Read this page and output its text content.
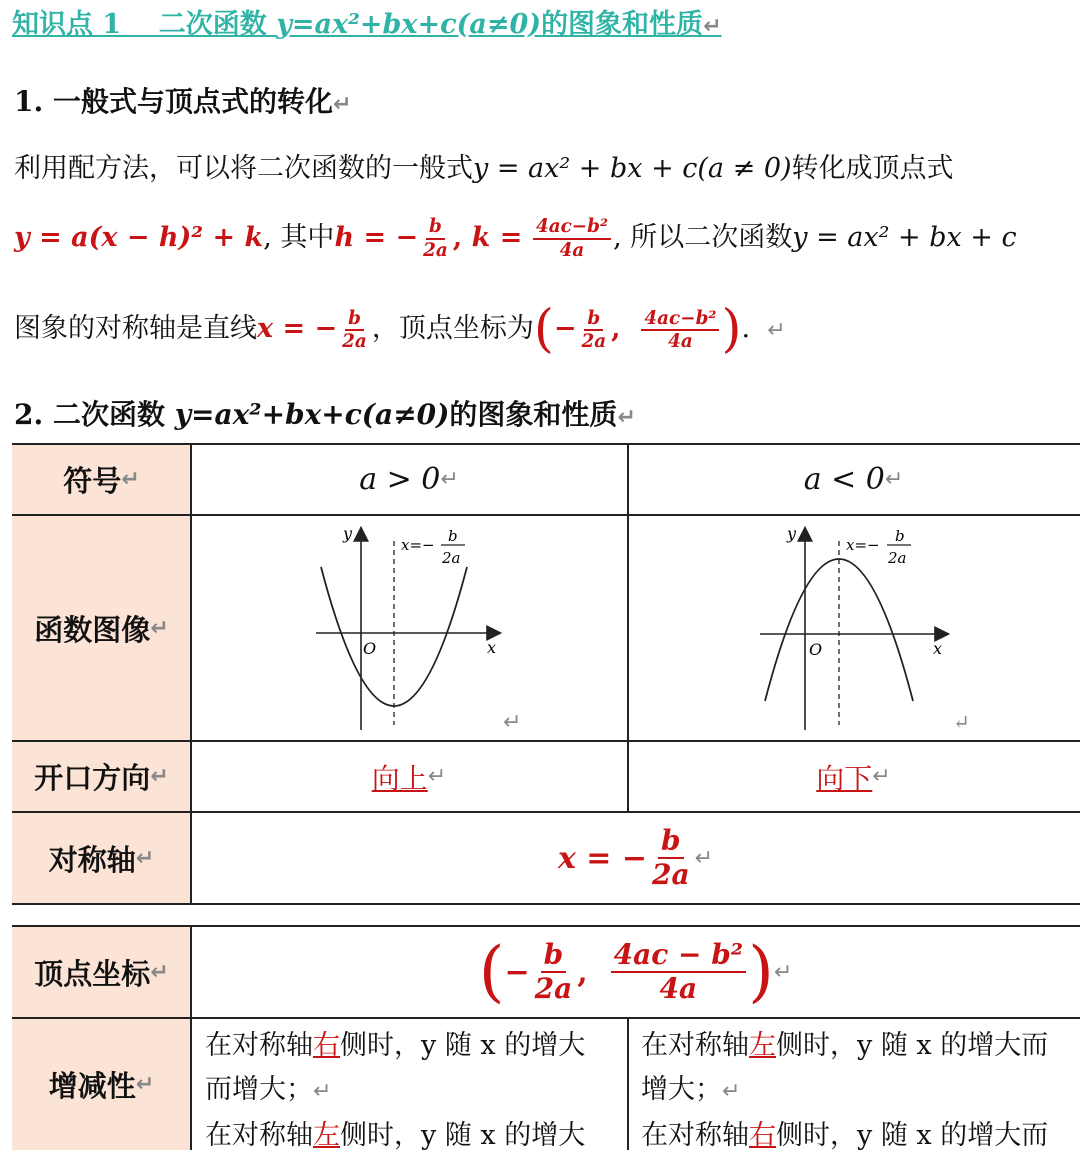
知识点 1 二次函数 y=ax²+bx+c(a≠0)的图象和性质↵
1. 一般式与顶点式的转化↵
利用配方法，可以将二次函数的一般式y = ax² + bx + c(a ≠ 0)转化成顶点式
y = a(x − h)² + k, 其中h = − $\frac{b}{2a}$ , $k = \frac{\text{4ac−b²}}{4a}$ , 所以二次函数y = ax² + bx + c
图象的对称轴是直线x = − $\frac{b}{2a}$ ，顶点坐标为(− $\frac{b}{2a}$ , $\frac{\text{4ac−b²}}{4a}$ ).  ↵
2. 二次函数 y=ax²+bx+c(a≠0)的图象和性质↵
符号 ↵
函数图像 ↵
开口方向 ↵
对称轴 ↵
顶点坐标 ↵
增减性 ↵
a > 0 ↵	a < 0 ↵
y
x
O
x=− b
2a
↵
y
x
O
x=− b
2a
↵
向上 ↵	向下 ↵
x = − $\frac{b}{2a}$ ↵
( − $\frac{b}{2a}$ , $\frac{\text{4ac − b²}}{4a}$ ) ↵
在对称轴右侧时，y 随 x 的增大
而增大；↵
在对称轴左侧时，y 随 x 的增大
在对称轴左侧时，y 随 x 的增大而
增大；↵
在对称轴右侧时，y 随 x 的增大而
